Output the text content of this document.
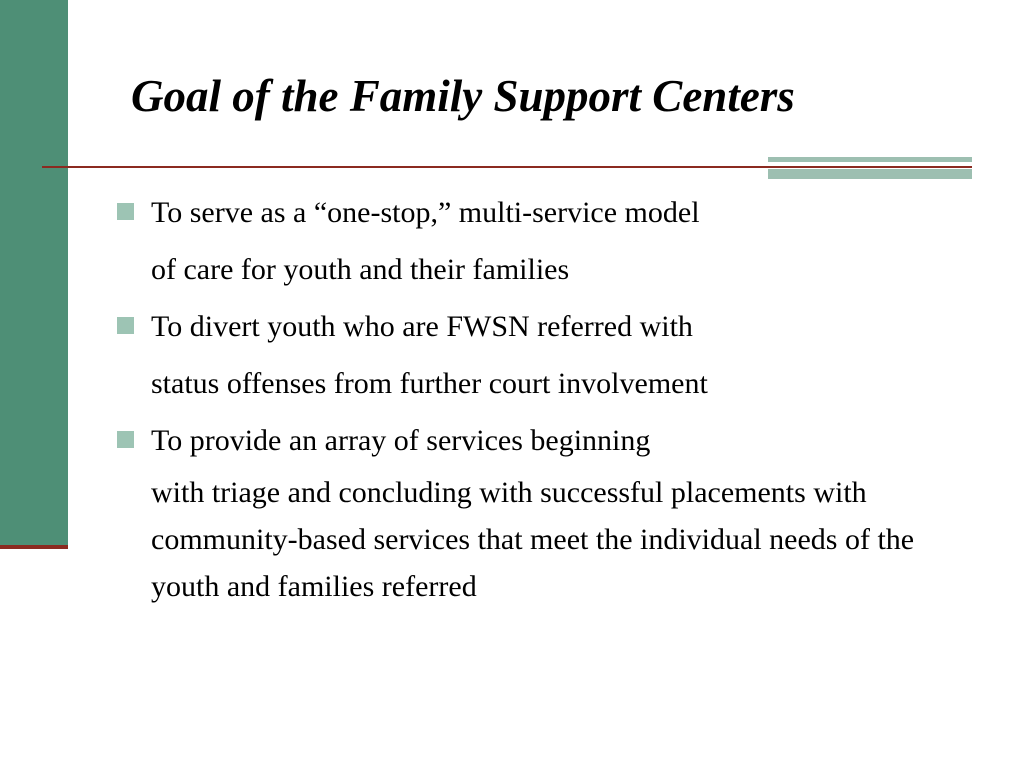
Goal of the Family Support Centers
To serve as a “one-stop,” multi-service model
of care for youth and their families
To divert youth who are FWSN referred with
status offenses from further court involvement
To provide an array of services beginning
with triage and concluding with successful placements with community-based services that meet the individual needs of the youth and families referred
